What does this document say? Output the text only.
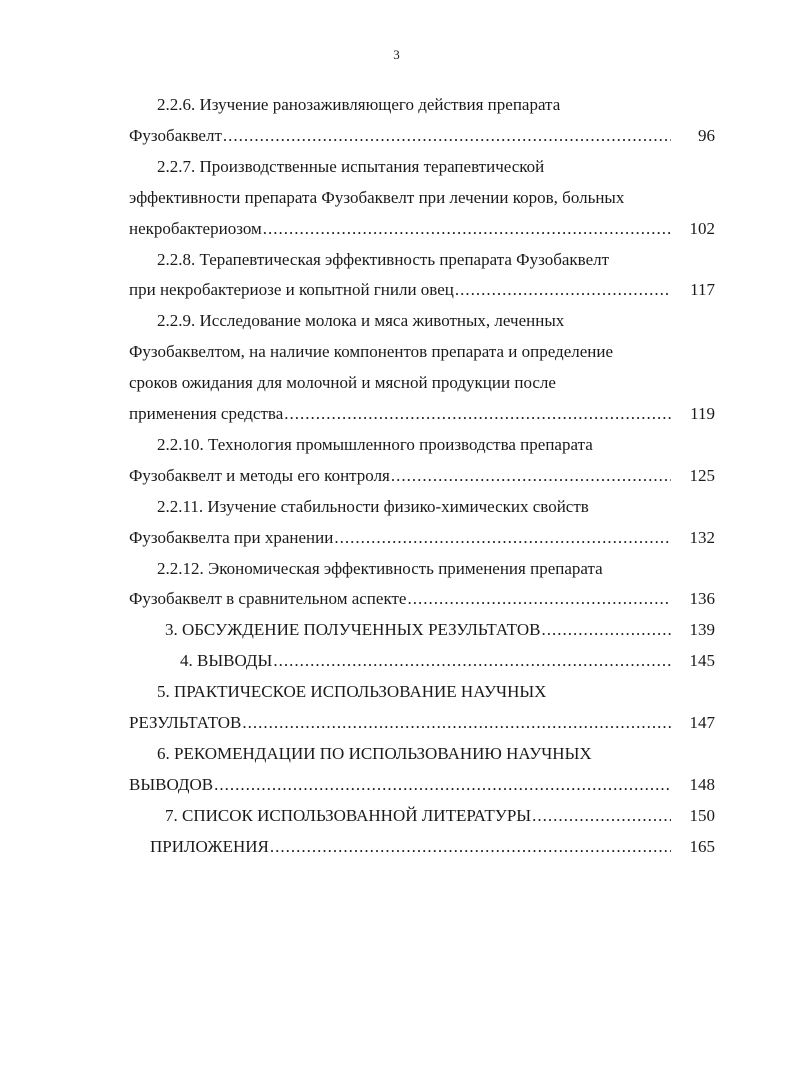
3
2.2.6. Изучение ранозаживляющего действия препарата
96
Фузобаквелт
.....
2.2.7. Производственные испытания терапевтической
эффективности препарата Фузобаквелт при лечении коров, больных
102
некробактериозом
.....
2.2.8. Терапевтическая эффективность препарата Фузобаквелт
117
при некробактериозе и копытной гнили овец
.....
2.2.9. Исследование молока и мяса животных, леченных
Фузобаквелтом, на наличие компонентов препарата и определение
сроков ожидания для молочной и мясной продукции после
119
применения средства
.....
2.2.10. Технология промышленного производства препарата
125
Фузобаквелт и методы его контроля
.....
2.2.11. Изучение стабильности физико-химических свойств
132
Фузобаквелта при хранении
.....
2.2.12. Экономическая эффективность применения препарата
136
Фузобаквелт в сравнительном аспекте
.....
139
3. ОБСУЖДЕНИЕ ПОЛУЧЕННЫХ РЕЗУЛЬТАТОВ
.....
145
4. ВЫВОДЫ
.....
5. ПРАКТИЧЕСКОЕ ИСПОЛЬЗОВАНИЕ НАУЧНЫХ
147
РЕЗУЛЬТАТОВ
.....
6. РЕКОМЕНДАЦИИ ПО ИСПОЛЬЗОВАНИЮ НАУЧНЫХ
148
ВЫВОДОВ
.....
150
7. СПИСОК ИСПОЛЬЗОВАННОЙ ЛИТЕРАТУРЫ
.....
165
ПРИЛОЖЕНИЯ
.....
